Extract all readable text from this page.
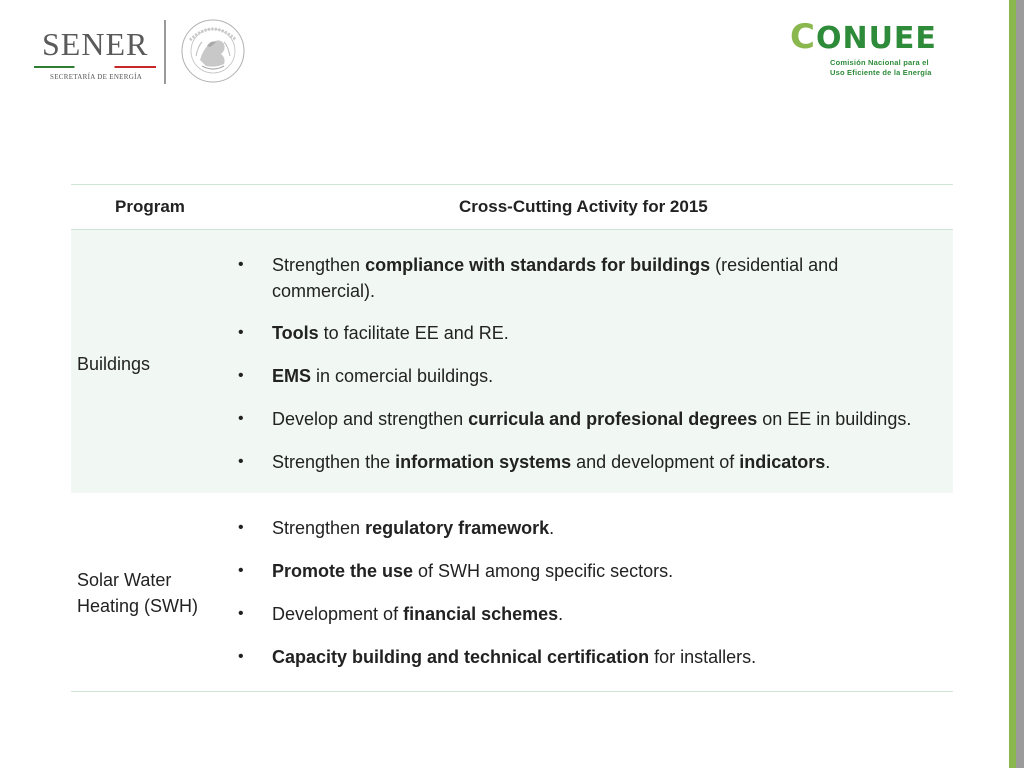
SENER
SECRETARÍA DE ENERGÍA
CONUEE
Comisión Nacional para el
Uso Eficiente de la Energía
Program	Cross-Cutting Activity for 2015
Buildings
• Strengthen compliance with standards for buildings (residential and commercial).
• Tools to facilitate EE and RE.
• EMS in comercial buildings.
• Develop and strengthen curricula and profesional degrees on EE in buildings.
• Strengthen the information systems and development of indicators.
Solar Water
Heating (SWH)
• Strengthen regulatory framework.
• Promote the use of SWH among specific sectors.
• Development of financial schemes.
• Capacity building and technical certification for installers.
